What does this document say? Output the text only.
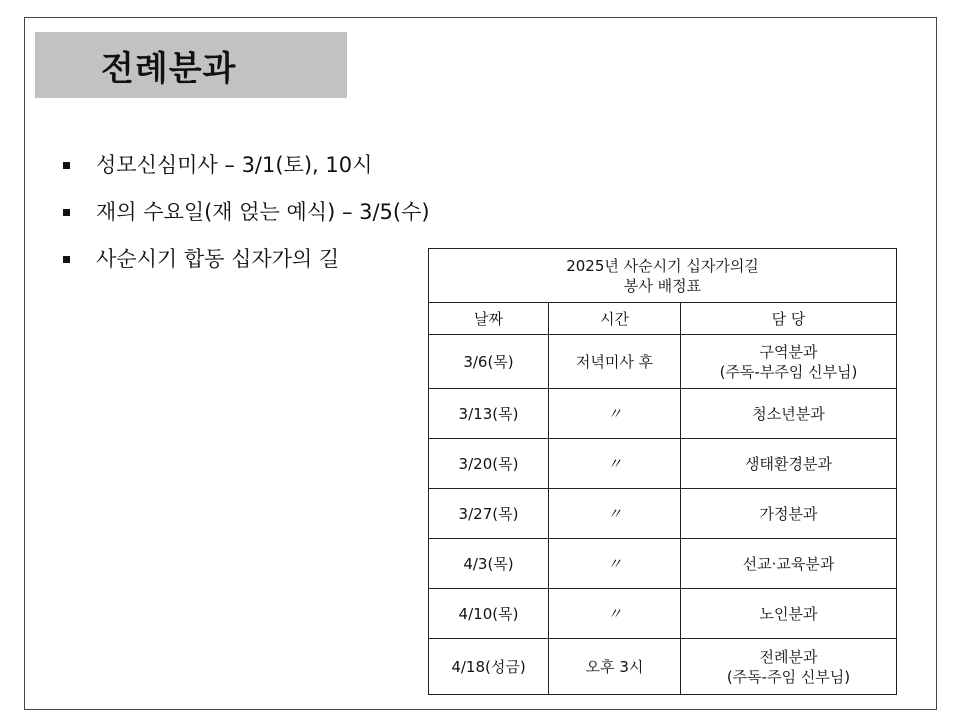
전례분과
성모신심미사 – 3/1(토), 10시
재의 수요일(재 얹는 예식) – 3/5(수)
사순시기 합동 십자가의 길	2025년 사순시기 십자가의길
봉사 배정표		

날짜	시간	담 당
3/6(목)	저녁미사 후	구역분과
(주독-부주임 신부님)

3/13(목)	〃	청소년분과
3/20(목)	〃	생태환경분과
3/27(목)	〃	가정분과
4/3(목)	〃	선교·교육분과
4/10(목)	〃	노인분과
4/18(성금)	오후 3시	전례분과
(주독-주임 신부님)
